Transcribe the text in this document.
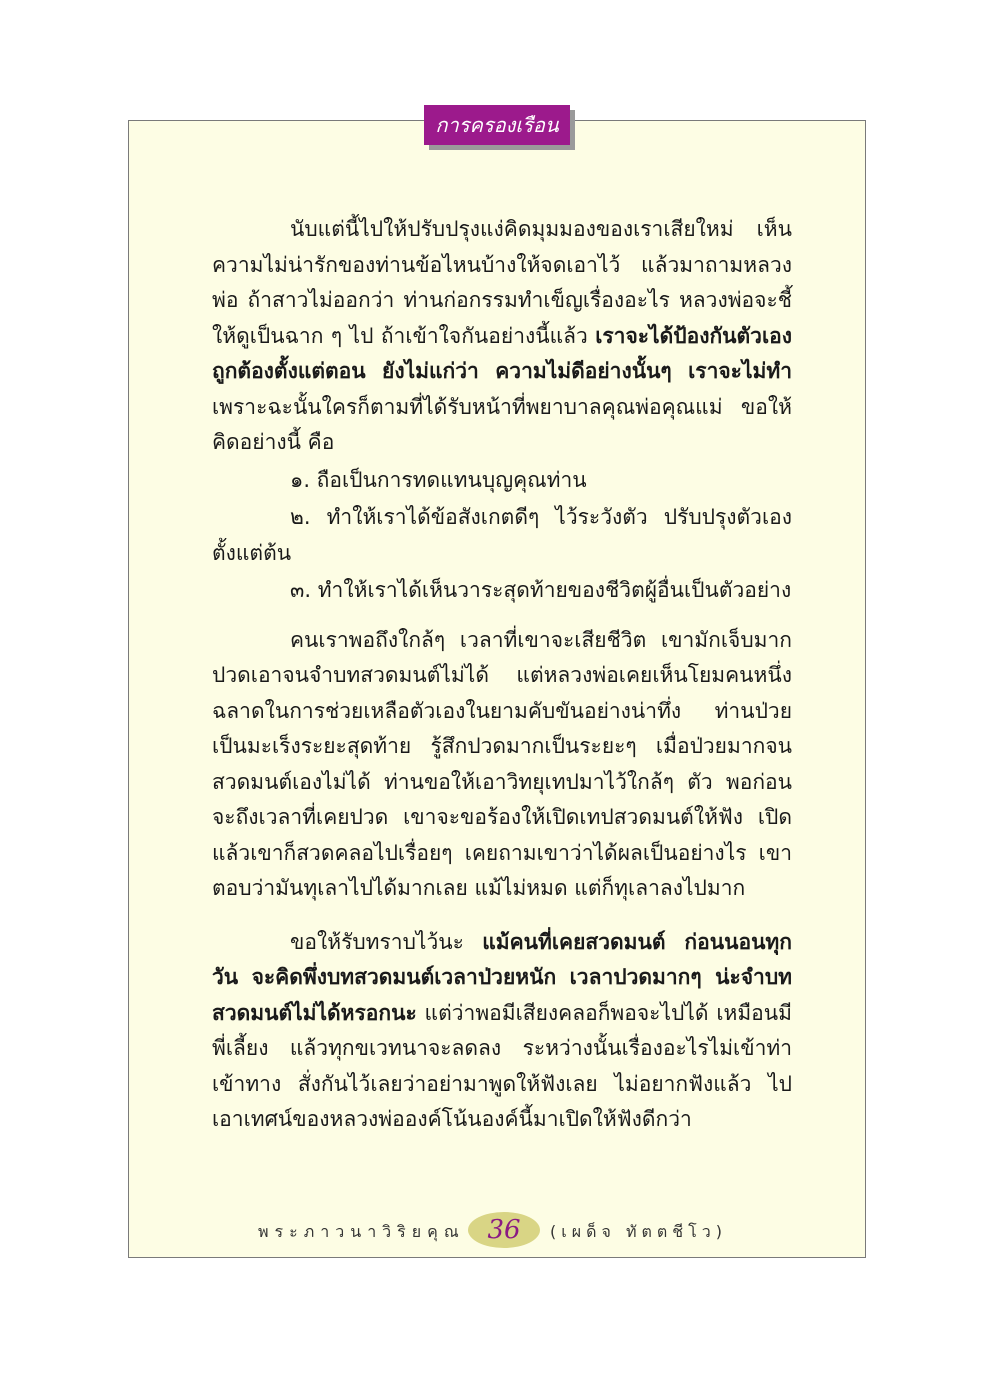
การครองเรือน

นับแต่นี้ไปให้ปรับปรุงแง่คิดมุมมองของเราเสียใหม่ เห็นความไม่น่ารักของท่านข้อไหนบ้างให้จดเอาไว้ แล้วมาถามหลวงพ่อ ถ้าสาวไม่ออกว่า ท่านก่อกรรมทำเข็ญเรื่องอะไร หลวงพ่อจะชี้ให้ดูเป็นฉาก ๆ ไป ถ้าเข้าใจกันอย่างนี้แล้ว เราจะได้ป้องกันตัวเองถูกต้องตั้งแต่ตอน ยังไม่แก่ว่า ความไม่ดีอย่างนั้นๆ เราจะไม่ทำ เพราะฉะนั้นใครก็ตามที่ได้รับหน้าที่พยาบาลคุณพ่อคุณแม่ ขอให้คิดอย่างนี้ คือ

๑. ถือเป็นการทดแทนบุญคุณท่าน

๒. ทำให้เราได้ข้อสังเกตดีๆ ไว้ระวังตัว ปรับปรุงตัวเองตั้งแต่ต้น

๓. ทำให้เราได้เห็นวาระสุดท้ายของชีวิตผู้อื่นเป็นตัวอย่าง

คนเราพอถึงใกล้ๆ เวลาที่เขาจะเสียชีวิต เขามักเจ็บมาก ปวดเอาจนจำบทสวดมนต์ไม่ได้ แต่หลวงพ่อเคยเห็นโยมคนหนึ่ง ฉลาดในการช่วยเหลือตัวเองในยามคับขันอย่างน่าทึ่ง ท่านป่วยเป็นมะเร็งระยะสุดท้าย รู้สึกปวดมากเป็นระยะๆ เมื่อป่วยมากจนสวดมนต์เองไม่ได้ ท่านขอให้เอาวิทยุเทปมาไว้ใกล้ๆ ตัว พอก่อนจะถึงเวลาที่เคยปวด เขาจะขอร้องให้เปิดเทปสวดมนต์ให้ฟัง เปิดแล้วเขาก็สวดคลอไปเรื่อยๆ เคยถามเขาว่าได้ผลเป็นอย่างไร เขาตอบว่ามันทุเลาไปได้มากเลย แม้ไม่หมด แต่ก็ทุเลาลงไปมาก

ขอให้รับทราบไว้นะ แม้คนที่เคยสวดมนต์ ก่อนนอนทุกวัน จะคิดพึ่งบทสวดมนต์เวลาป่วยหนัก เวลาปวดมากๆ น่ะจำบทสวดมนต์ไม่ได้หรอกนะ แต่ว่าพอมีเสียงคลอก็พอจะไปได้ เหมือนมีพี่เลี้ยง แล้วทุกขเวทนาจะลดลง ระหว่างนั้นเรื่องอะไรไม่เข้าท่าเข้าทาง สั่งกันไว้เลยว่าอย่ามาพูดให้ฟังเลย ไม่อยากฟังแล้ว ไปเอาเทศน์ของหลวงพ่อองค์โน้นองค์นี้มาเปิดให้ฟังดีกว่า

พระภาวนาวิริยคุณ 36	(เผด็จ ทัตตชีโว)
